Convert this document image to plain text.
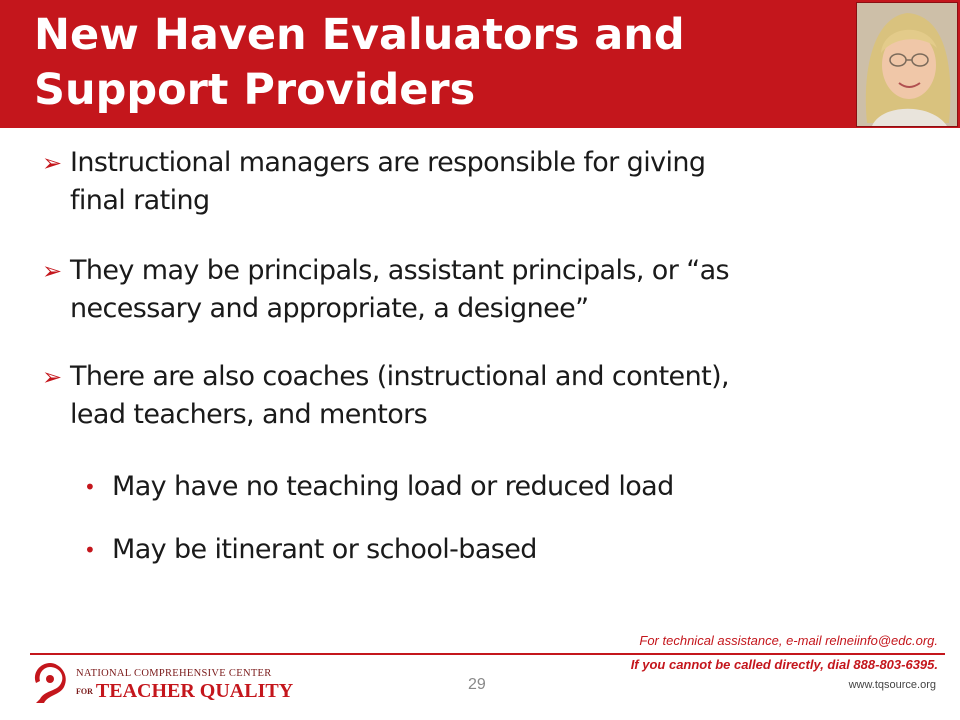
New Haven Evaluators and
Support Providers
➢ Instructional managers are responsible for giving
final rating
➢ They may be principals, assistant principals, or “as
necessary and appropriate, a designee”
➢ There are also coaches (instructional and content),
lead teachers, and mentors
• May have no teaching load or reduced load
• May be itinerant or school-based
For technical assistance, e-mail relneiinfo@edc.org.
If you cannot be called directly, dial 888-803-6395.
NATIONAL COMPREHENSIVE CENTER
FOR TEACHER QUALITY	29	www.tqsource.org
